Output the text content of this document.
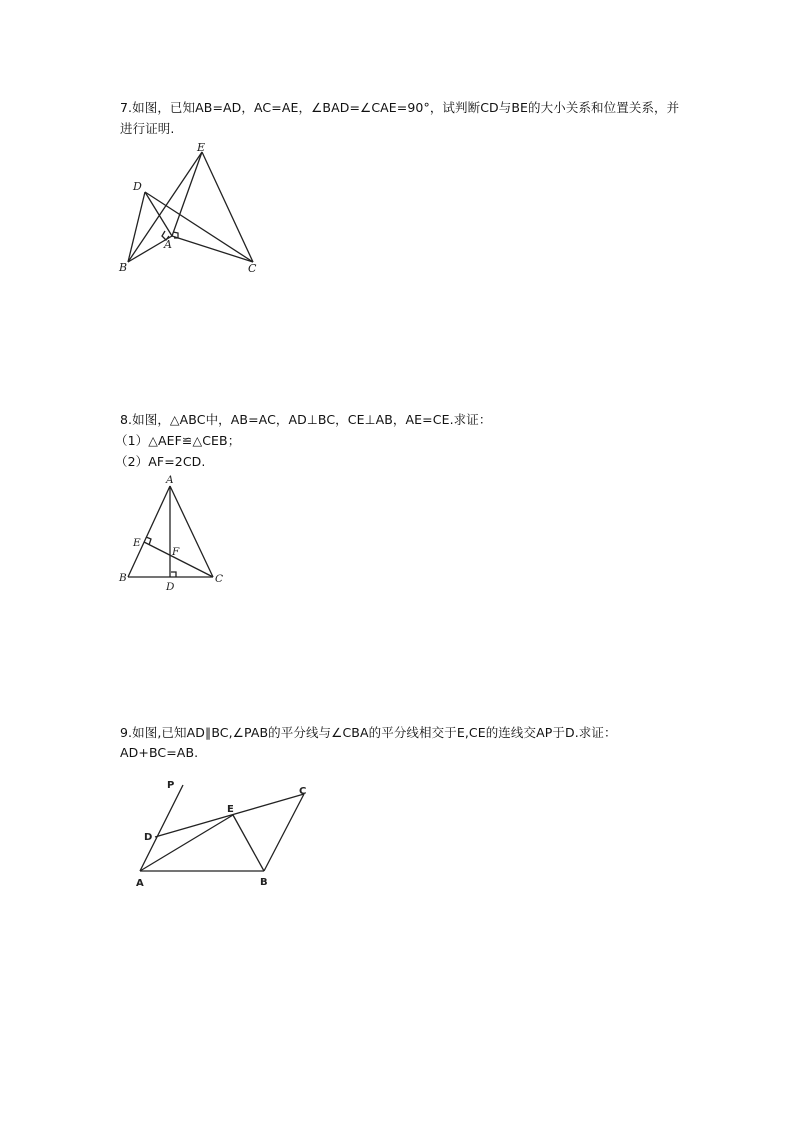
7.如图，已知AB=AD，AC=AE，∠BAD=∠CAE=90°，试判断CD与BE的大小关系和位置关系，并
进行证明.
E
D
A
B	C
8.如图，△ABC中，AB=AC，AD⊥BC，CE⊥AB，AE=CE.求证：
（1）△AEF≌△CEB；
（2）AF=2CD.
A
E
F
B
D
C
9.如图,已知AD∥BC,∠PAB的平分线与∠CBA的平分线相交于E,CE的连线交AP于D.求证：
AD+BC=AB.
P
C
E
D
A	B
